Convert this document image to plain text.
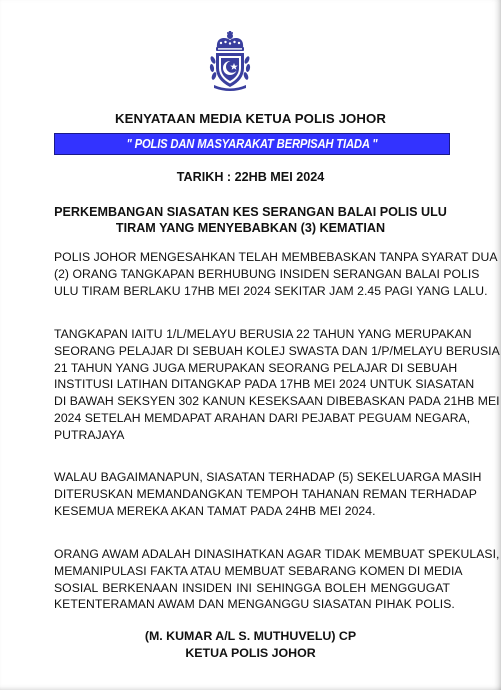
KENYATAAN MEDIA KETUA POLIS JOHOR
" POLIS DAN MASYARAKAT BERPISAH TIADA "
TARIKH : 22HB MEI 2024
PERKEMBANGAN SIASATAN KES SERANGAN BALAI POLIS ULU
TIRAM YANG MENYEBABKAN (3) KEMATIAN
POLIS JOHOR MENGESAHKAN TELAH MEMBEBASKAN TANPA SYARAT DUA
(2) ORANG TANGKAPAN BERHUBUNG INSIDEN SERANGAN BALAI POLIS
ULU TIRAM BERLAKU 17HB MEI 2024 SEKITAR JAM 2.45 PAGI YANG LALU.
TANGKAPAN IAITU 1/L/MELAYU BERUSIA 22 TAHUN YANG MERUPAKAN
SEORANG PELAJAR DI SEBUAH KOLEJ SWASTA DAN 1/P/MELAYU BERUSIA
21 TAHUN YANG JUGA MERUPAKAN SEORANG PELAJAR DI SEBUAH
INSTITUSI LATIHAN DITANGKAP PADA 17HB MEI 2024 UNTUK SIASATAN
DI BAWAH SEKSYEN 302 KANUN KESEKSAAN DIBEBASKAN PADA 21HB MEI
2024 SETELAH MEMDAPAT ARAHAN DARI PEJABAT PEGUAM NEGARA,
PUTRAJAYA
WALAU BAGAIMANAPUN, SIASATAN TERHADAP (5) SEKELUARGA MASIH
DITERUSKAN MEMANDANGKAN TEMPOH TAHANAN REMAN TERHADAP
KESEMUA MEREKA AKAN TAMAT PADA 24HB MEI 2024.
ORANG AWAM ADALAH DINASIHATKAN AGAR TIDAK MEMBUAT SPEKULASI,
MEMANIPULASI FAKTA ATAU MEMBUAT SEBARANG KOMEN DI MEDIA
SOSIAL BERKENAAN INSIDEN INI SEHINGGA BOLEH MENGGUGAT
KETENTERAMAN AWAM DAN MENGANGGU SIASATAN PIHAK POLIS.
(M. KUMAR A/L S. MUTHUVELU) CP
KETUA POLIS JOHOR
